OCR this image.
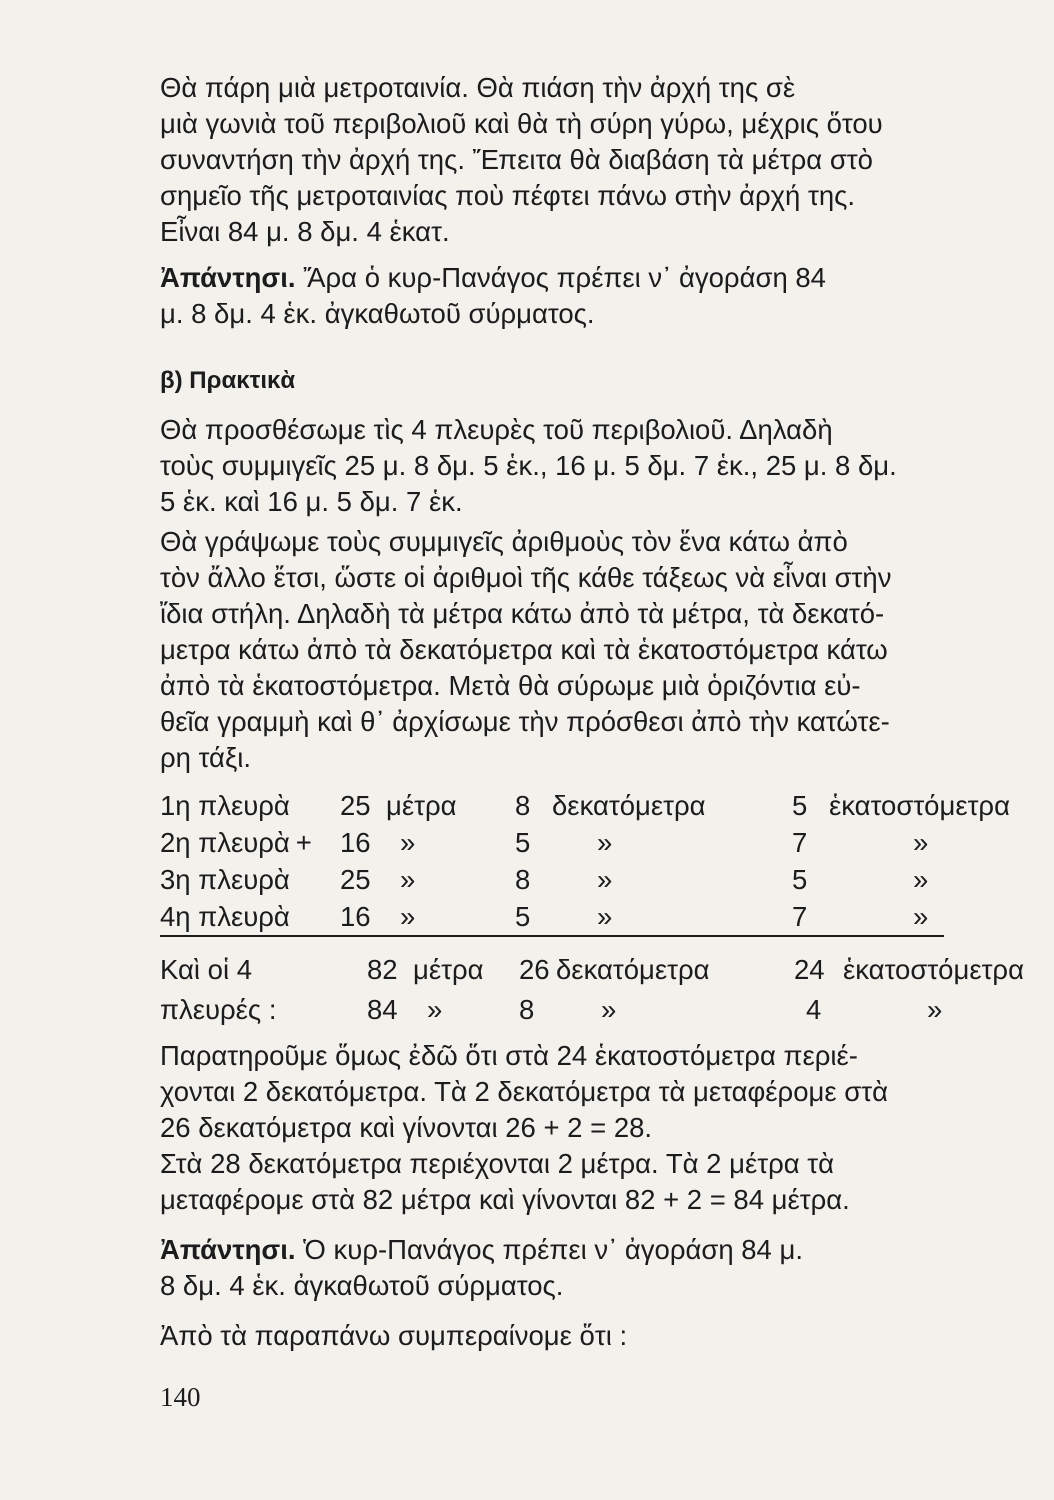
Θὰ πάρη μιὰ μετροταινία. Θὰ πιάση τὴν ἀρχή της σὲ
μιὰ γωνιὰ τοῦ περιβολιοῦ καὶ θὰ τὴ σύρη γύρω, μέχρις ὅτου
συναντήση τὴν ἀρχή της. Ἔπειτα θὰ διαβάση τὰ μέτρα στὸ
σημεῖο τῆς μετροταινίας ποὺ πέφτει πάνω στὴν ἀρχή της.
Εἶναι 84 μ. 8 δμ. 4 ἑκατ.

Ἀπάντησι. Ἄρα ὁ κυρ-Πανάγος πρέπει ν᾽ ἀγοράση 84
μ. 8 δμ. 4 ἑκ. ἀγκαθωτοῦ σύρματος.

β) Πρακτικὰ

Θὰ προσθέσωμε τὶς 4 πλευρὲς τοῦ περιβολιοῦ. Δηλαδὴ
τοὺς συμμιγεῖς 25 μ. 8 δμ. 5 ἑκ., 16 μ. 5 δμ. 7 ἑκ., 25 μ. 8 δμ.
5 ἑκ. καὶ 16 μ. 5 δμ. 7 ἑκ.

Θὰ γράψωμε τοὺς συμμιγεῖς ἀριθμοὺς τὸν ἕνα κάτω ἀπὸ
τὸν ἄλλο ἔτσι, ὥστε οἱ ἀριθμοὶ τῆς κάθε τάξεως νὰ εἶναι στὴν
ἴδια στήλη. Δηλαδὴ τὰ μέτρα κάτω ἀπὸ τὰ μέτρα, τὰ δεκατό-
μετρα κάτω ἀπὸ τὰ δεκατόμετρα καὶ τὰ ἑκατοστόμετρα κάτω
ἀπὸ τὰ ἑκατοστόμετρα. Μετὰ θὰ σύρωμε μιὰ ὁριζόντια εὐ-
θεῖα γραμμὴ καὶ θ᾽ ἀρχίσωμε τὴν πρόσθεσι ἀπὸ τὴν κατώτε-
ρη τάξι.

1η πλευρὰ	25	μέτρα	8	δεκατόμετρα	5	ἑκατοστόμετρα
2η πλευρὰ +	16	»	5	»	7	»
3η πλευρὰ	25	»	8	»	5	»
4η πλευρὰ	16	»	5	»	7	»
Καὶ οἱ 4	82	μέτρα	26	δεκατόμετρα	24	ἑκατοστόμετρα
πλευρές :	84	»	8	»	4	»

Παρατηροῦμε ὅμως ἐδῶ ὅτι στὰ 24 ἑκατοστόμετρα περιέ-
χονται 2 δεκατόμετρα. Τὰ 2 δεκατόμετρα τὰ μεταφέρομε στὰ
26 δεκατόμετρα καὶ γίνονται 26 + 2 = 28.

Στὰ 28 δεκατόμετρα περιέχονται 2 μέτρα. Τὰ 2 μέτρα τὰ
μεταφέρομε στὰ 82 μέτρα καὶ γίνονται 82 + 2 = 84 μέτρα.

Ἀπάντησι. Ὁ κυρ-Πανάγος πρέπει ν᾽ ἀγοράση 84 μ.
8 δμ. 4 ἑκ. ἀγκαθωτοῦ σύρματος.

Ἀπὸ τὰ παραπάνω συμπεραίνομε ὅτι :

140
